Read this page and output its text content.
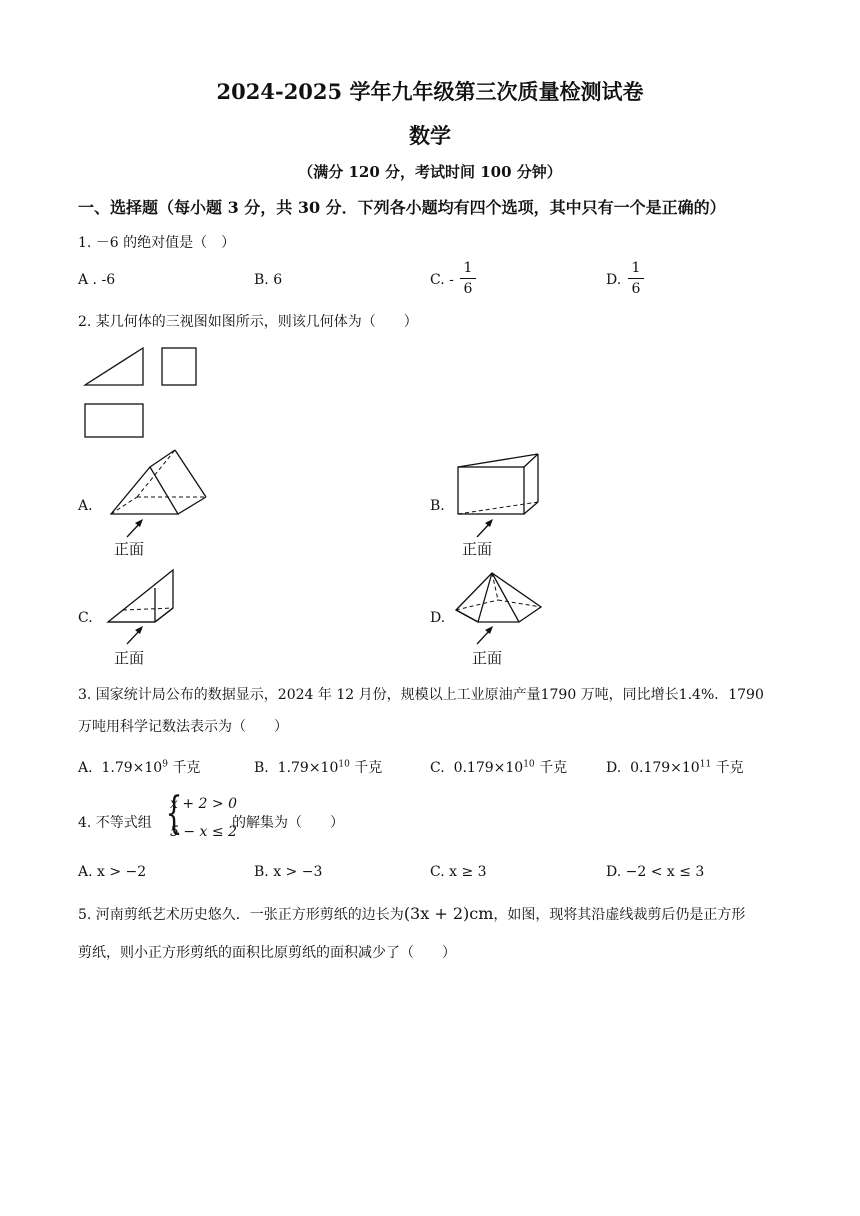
2024-2025 学年九年级第三次质量检测试卷
数学
（满分 120 分，考试时间 100 分钟）
一、选择题（每小题 3 分，共 30 分．下列各小题均有四个选项，其中只有一个是正确的）
1. －6 的绝对值是（　）
A . -6	B. 6	C. -
1
6
D.
1
6
2. 某几何体的三视图如图所示，则该几何体为（　　）
A.
正面
B.
正面
C.
正面
D.
正面
3. 国家统计局公布的数据显示，2024 年 12 月份，规模以上工业原油产量1790 万吨，同比增长1.4%．1790
万吨用科学记数法表示为（　　）
A. $1.79\times 10^9$ 千克	B. $1.79\times 10^{10}$ 千克	C. $0.179\times 10^{10}$ 千克	D. $0.179\times 10^{11}$ 千克
4. 不等式组 {
x + 2 > 0
5 − x ≤ 2
的解集为（　　）
A. x > −2	B. x > −3	C. x ≥ 3	D. −2 < x ≤ 3
5. 河南剪纸艺术历史悠久．一张正方形剪纸的边长为(3x + 2)cm，如图，现将其沿虚线裁剪后仍是正方形
剪纸，则小正方形剪纸的面积比原剪纸的面积减少了（　　）
